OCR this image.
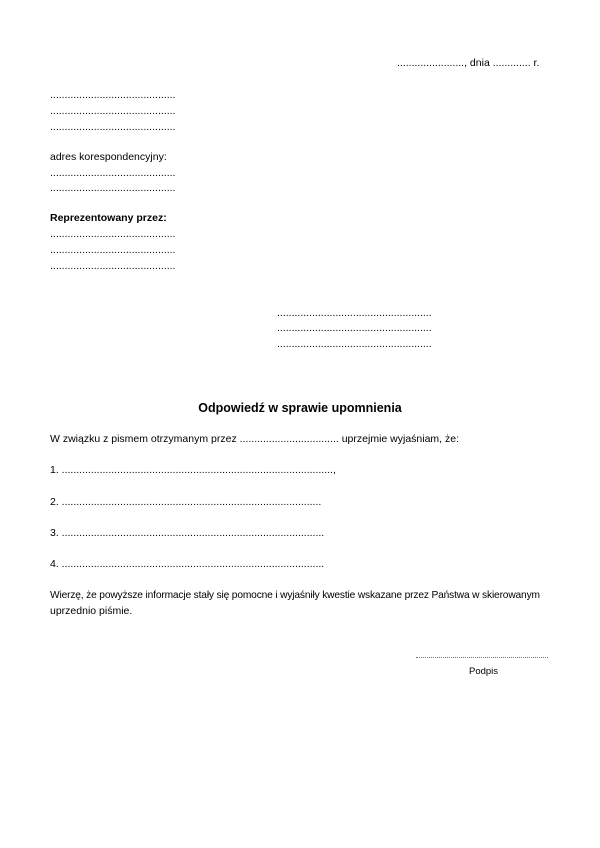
......................., dnia ............. r.
...........................................
...........................................
...........................................
adres korespondencyjny:
...........................................
...........................................
Reprezentowany przez:
...........................................
...........................................
...........................................
.....................................................
.....................................................
.....................................................
Odpowiedź w sprawie upomnienia
W związku z pismem otrzymanym przez .................................. uprzejmie wyjaśniam, że:
1. .............................................................................................,
2. .........................................................................................
3. ..........................................................................................
4. ..........................................................................................
Wierzę, że powyższe informacje stały się pomocne i wyjaśniły kwestie wskazane przez Państwa w skierowanym
uprzednio piśmie.
Podpis
